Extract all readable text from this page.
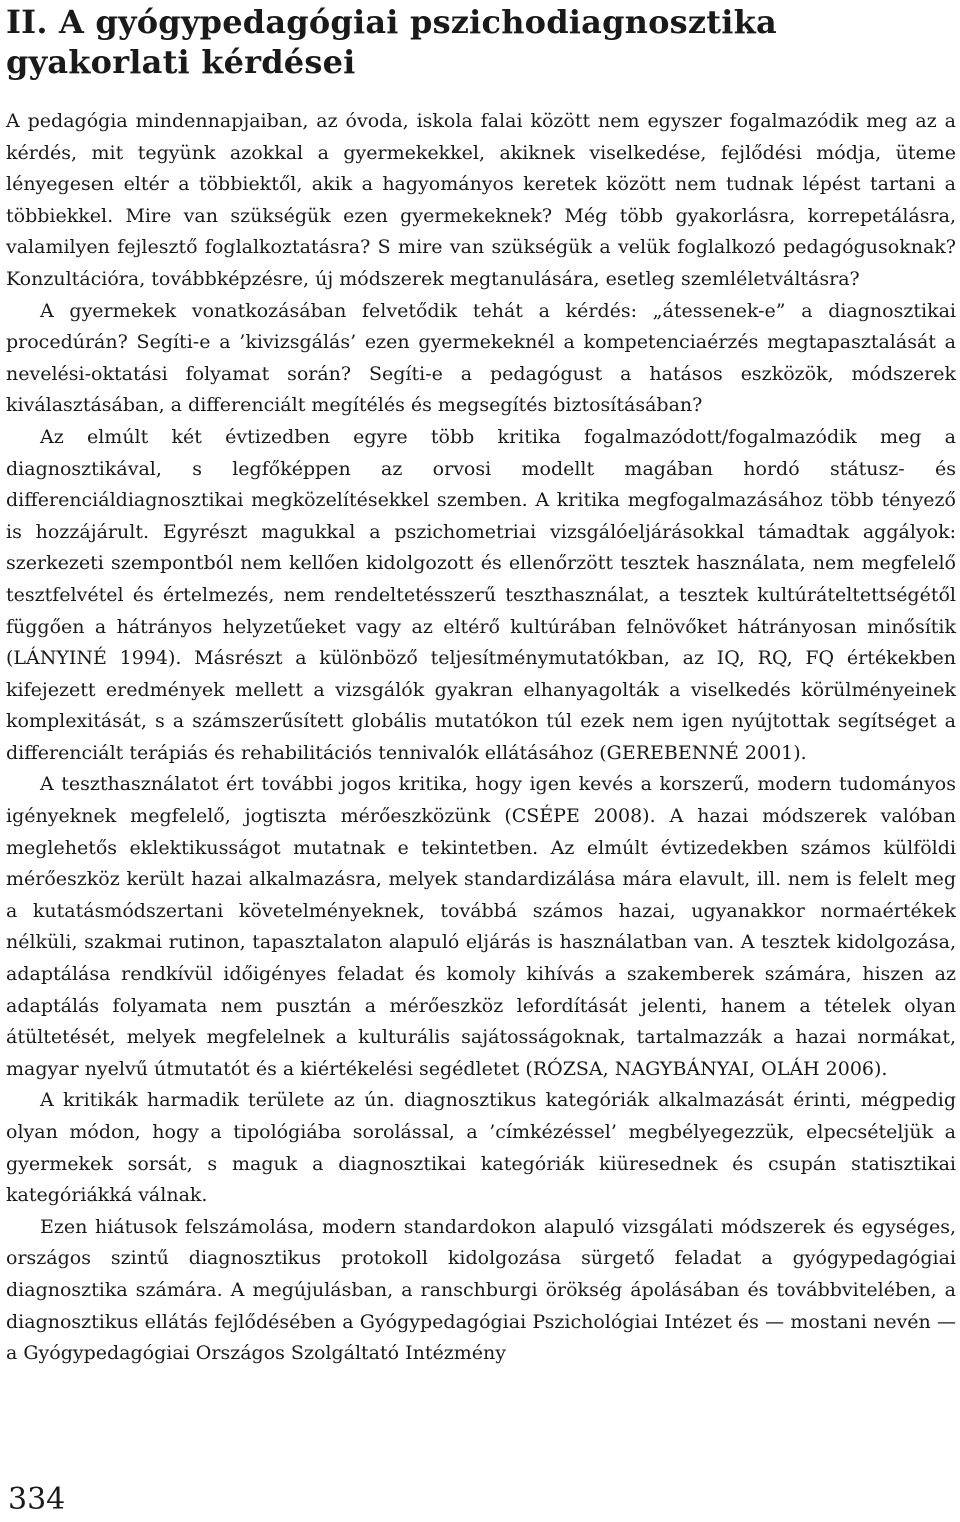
II. A gyógypedagógiai pszichodiagnosztika
gyakorlati kérdései

A pedagógia mindennapjaiban, az óvoda, iskola falai között nem egyszer fogalmazódik meg az a kérdés, mit tegyünk azokkal a gyermekekkel, akiknek viselkedése, fejlődési módja, üteme lényegesen eltér a többiektől, akik a hagyományos keretek között nem tudnak lépést tartani a többiekkel. Mire van szükségük ezen gyermekeknek? Még több gyakorlásra, korrepetálásra, valamilyen fejlesztő foglalkoztatásra? S mire van szükségük a velük foglalkozó pedagógusoknak? Konzultációra, továbbképzésre, új módszerek megtanulására, esetleg szemléletváltásra?

A gyermekek vonatkozásában felvetődik tehát a kérdés: „átessenek-e” a diagnosztikai procedúrán? Segíti-e a ’kivizsgálás’ ezen gyermekeknél a kompetenciaérzés megtapasztalását a nevelési-oktatási folyamat során? Segíti-e a pedagógust a hatásos eszközök, módszerek kiválasztásában, a differenciált megítélés és megsegítés biztosításában?

Az elmúlt két évtizedben egyre több kritika fogalmazódott/fogalmazódik meg a diagnosztikával, s legfőképpen az orvosi modellt magában hordó státusz- és differenciáldiagnosztikai megközelítésekkel szemben. A kritika megfogalmazásához több tényező is hozzájárult. Egyrészt magukkal a pszichometriai vizsgálóeljárásokkal támadtak aggályok: szerkezeti szempontból nem kellően kidolgozott és ellenőrzött tesztek használata, nem megfelelő tesztfelvétel és értelmezés, nem rendeltetésszerű teszthasználat, a tesztek kultúráteltettségétől függően a hátrányos helyzetűeket vagy az eltérő kultúrában felnövőket hátrányosan minősítik (LÁNYINÉ 1994). Másrészt a különböző teljesítménymutatókban, az IQ, RQ, FQ értékekben kifejezett eredmények mellett a vizsgálók gyakran elhanyagolták a viselkedés körülményeinek komplexitását, s a számszerűsített globális mutatókon túl ezek nem igen nyújtottak segítséget a differenciált terápiás és rehabilitációs tennivalók ellátásához (GEREBENNÉ 2001).

A teszthasználatot ért további jogos kritika, hogy igen kevés a korszerű, modern tudományos igényeknek megfelelő, jogtiszta mérőeszközünk (CSÉPE 2008). A hazai módszerek valóban meglehetős eklektikusságot mutatnak e tekintetben. Az elmúlt évtizedekben számos külföldi mérőeszköz került hazai alkalmazásra, melyek standardizálása mára elavult, ill. nem is felelt meg a kutatásmódszertani követelményeknek, továbbá számos hazai, ugyanakkor normaértékek nélküli, szakmai rutinon, tapasztalaton alapuló eljárás is használatban van. A tesztek kidolgozása, adaptálása rendkívül időigényes feladat és komoly kihívás a szakemberek számára, hiszen az adaptálás folyamata nem pusztán a mérőeszköz lefordítását jelenti, hanem a tételek olyan átültetését, melyek megfelelnek a kulturális sajátosságoknak, tartalmazzák a hazai normákat, magyar nyelvű útmutatót és a kiértékelési segédletet (RÓZSA, NAGYBÁNYAI, OLÁH 2006).

A kritikák harmadik területe az ún. diagnosztikus kategóriák alkalmazását érinti, mégpedig olyan módon, hogy a tipológiába sorolással, a ’címkézéssel’ megbélyegezzük, elpecsételjük a gyermekek sorsát, s maguk a diagnosztikai kategóriák kiüresednek és csupán statisztikai kategóriákká válnak.

Ezen hiátusok felszámolása, modern standardokon alapuló vizsgálati módszerek és egységes, országos szintű diagnosztikus protokoll kidolgozása sürgető feladat a gyógypedagógiai diagnosztika számára. A megújulásban, a ranschburgi örökség ápolásában és továbbvitelében, a diagnosztikus ellátás fejlődésében a Gyógypedagógiai Pszichológiai Intézet és — mostani nevén — a Gyógypedagógiai Országos Szolgáltató Intézmény

334
